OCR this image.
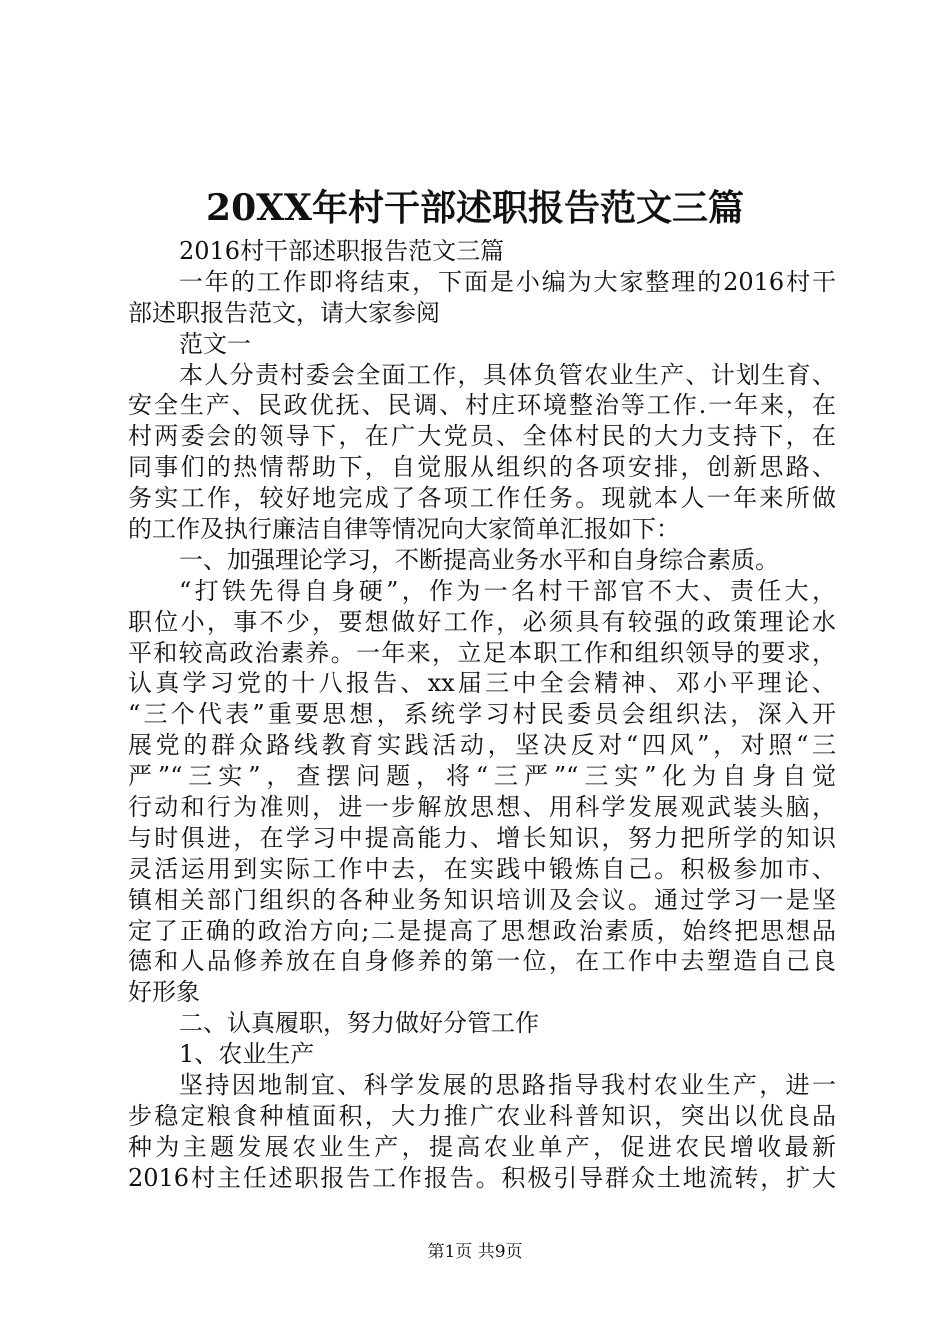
20XX年村干部述职报告范文三篇
2016村干部述职报告范文三篇
一年的工作即将结束，下面是小编为大家整理的2016村干
部述职报告范文，请大家参阅
范文一
本人分责村委会全面工作，具体负管农业生产、计划生育、
安全生产、民政优抚、民调、村庄环境整治等工作.一年来，在
村两委会的领导下，在广大党员、全体村民的大力支持下，在
同事们的热情帮助下，自觉服从组织的各项安排，创新思路、
务实工作，较好地完成了各项工作任务。现就本人一年来所做
的工作及执行廉洁自律等情况向大家简单汇报如下：
一、加强理论学习，不断提高业务水平和自身综合素质。
“打铁先得自身硬”，作为一名村干部官不大、责任大，
职位小，事不少，要想做好工作，必须具有较强的政策理论水
平和较高政治素养。一年来，立足本职工作和组织领导的要求，
认真学习党的十八报告、xx届三中全会精神、邓小平理论、
“三个代表”重要思想，系统学习村民委员会组织法，深入开
展党的群众路线教育实践活动，坚决反对“四风”，对照“三
严”“三实”，查摆问题，将“三严”“三实”化为自身自觉
行动和行为准则，进一步解放思想、用科学发展观武装头脑，
与时俱进，在学习中提高能力、增长知识，努力把所学的知识
灵活运用到实际工作中去，在实践中锻炼自己。积极参加市、
镇相关部门组织的各种业务知识培训及会议。通过学习一是坚
定了正确的政治方向;二是提高了思想政治素质，始终把思想品
德和人品修养放在自身修养的第一位，在工作中去塑造自己良
好形象
二、认真履职，努力做好分管工作
1、农业生产
坚持因地制宜、科学发展的思路指导我村农业生产，进一
步稳定粮食种植面积，大力推广农业科普知识，突出以优良品
种为主题发展农业生产，提高农业单产，促进农民增收最新
2016村主任述职报告工作报告。积极引导群众土地流转，扩大
第1页 共9页
